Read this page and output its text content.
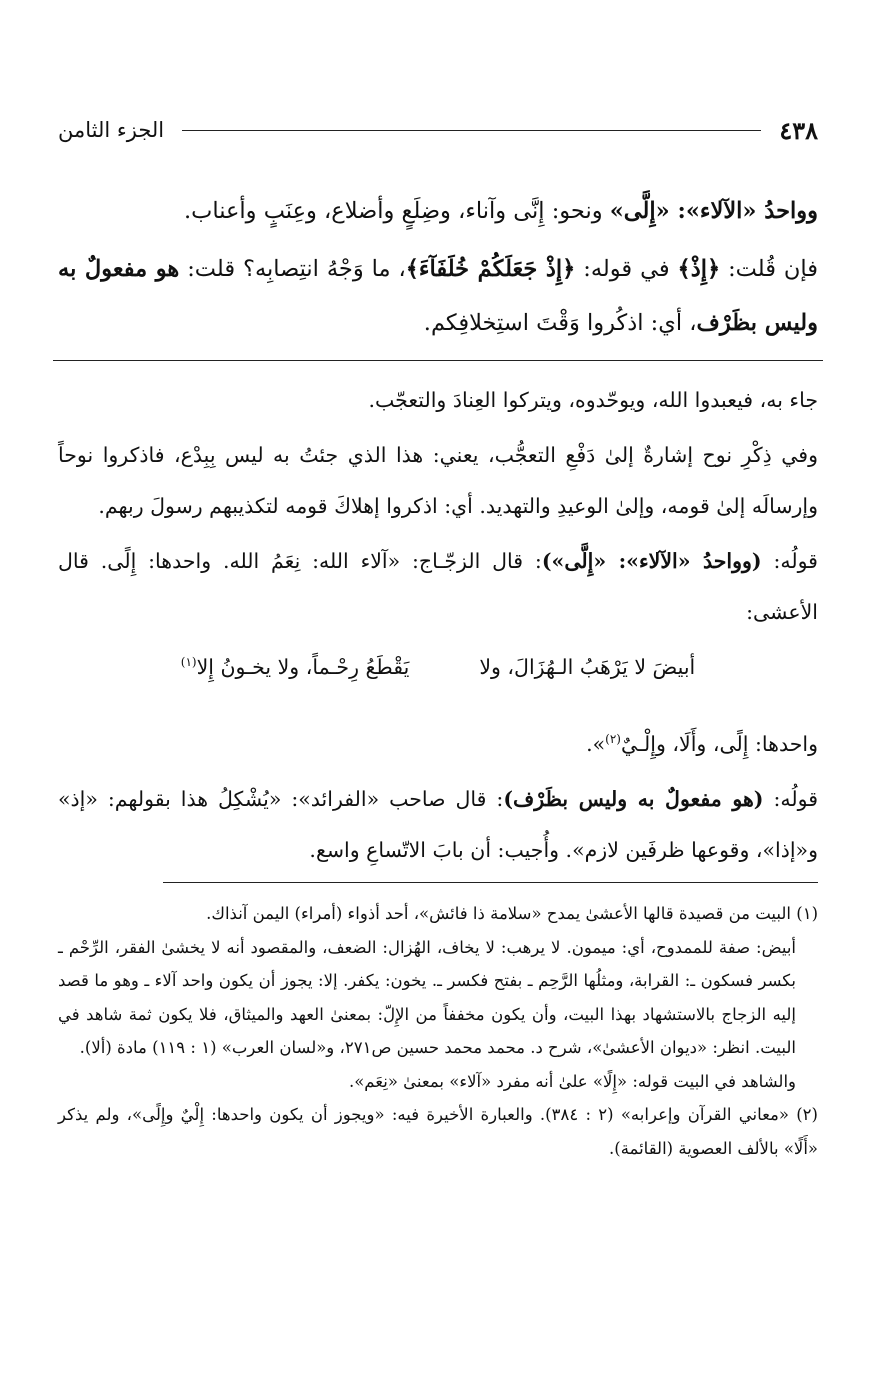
٤٣٨
الجزء الثامن

وواحدُ «الآلاء»: «إِلَّى» ونحو: إِنَّى وآناء، وضِلَعٍ وأضلاع، وعِنَبٍ وأعناب.

فإن قُلت: ﴿إِذْ﴾ في قوله: ﴿إِذْ جَعَلَكُمْ خُلَفَآءَ﴾، ما وَجْهُ انتِصابِه؟ قلت: هو مفعولٌ به وليس بظَرْف، أي: اذكُروا وَقْتَ استِخلافِكم.

جاء به، فيعبدوا الله، ويوحّدوه، ويتركوا العِنادَ والتعجّب.

وفي ذِكْرِ نوح إشارةٌ إلىٰ دَفْعِ التعجُّب، يعني: هذا الذي جئتُ به ليس بِبِدْع، فاذكروا نوحاً وإرسالَه إلىٰ قومه، وإلىٰ الوعيدِ والتهديد. أي: اذكروا إهلاكَ قومه لتكذيبهم رسولَ ربهم.

قولُه: (وواحدُ «الآلاء»: «إِلَّى»): قال الزجّـاج: «آلاء الله: نِعَمُ الله. واحدها: إِلًى. قال الأعشى:

أبيضَ لا يَرْهَبُ الـهُزَالَ، ولا
يَقْطَعُ رِحْـماً، ولا يخـونُ إِلا$^{(١)}$

واحدها: إِلًى، وأَلَا، وإِلْـيٌ$^{(٢)}$».

قولُه: (هو مفعولٌ به وليس بظَرْف): قال صاحب «الفرائد»: «يُشْكِلُ هذا بقولهم: «إذ» و«إذا»، وقوعها ظرفَين لازم». وأُجيب: أن بابَ الاتّساعِ واسع.

(١) البيت من قصيدة قالها الأعشىٰ يمدح «سلامة ذا فائش»، أحد أذواء (أمراء) اليمن آنذاك.

أبيض: صفة للممدوح، أي: ميمون. لا يرهب: لا يخاف، الهُزال: الضعف، والمقصود أنه لا يخشىٰ الفقر، الرِّحْم ـ بكسر فسكون ـ: القرابة، ومثلُها الرَّحِم ـ بفتح فكسر ـ. يخون: يكفر. إلا: يجوز أن يكون واحد آلاء ـ وهو ما قصد إليه الزجاج بالاستشهاد بهذا البيت، وأن يكون مخففاً من الإِلّ: بمعنىٰ العهد والميثاق، فلا يكون ثمة شاهد في البيت. انظر: «ديوان الأعشىٰ»، شرح د. محمد محمد حسين ص٢٧١، و«لسان العرب» (١ : ١١٩) مادة (ألا).

والشاهد في البيت قوله: «إِلًا» علىٰ أنه مفرد «آلاء» بمعنىٰ «نِعَم».

(٢) «معاني القرآن وإعرابه» (٢ : ٣٨٤). والعبارة الأخيرة فيه: «ويجوز أن يكون واحدها: إِلْيٌ وإِلًى»، ولم يذكر «أَلًا» بالألف العصوية (القائمة).
